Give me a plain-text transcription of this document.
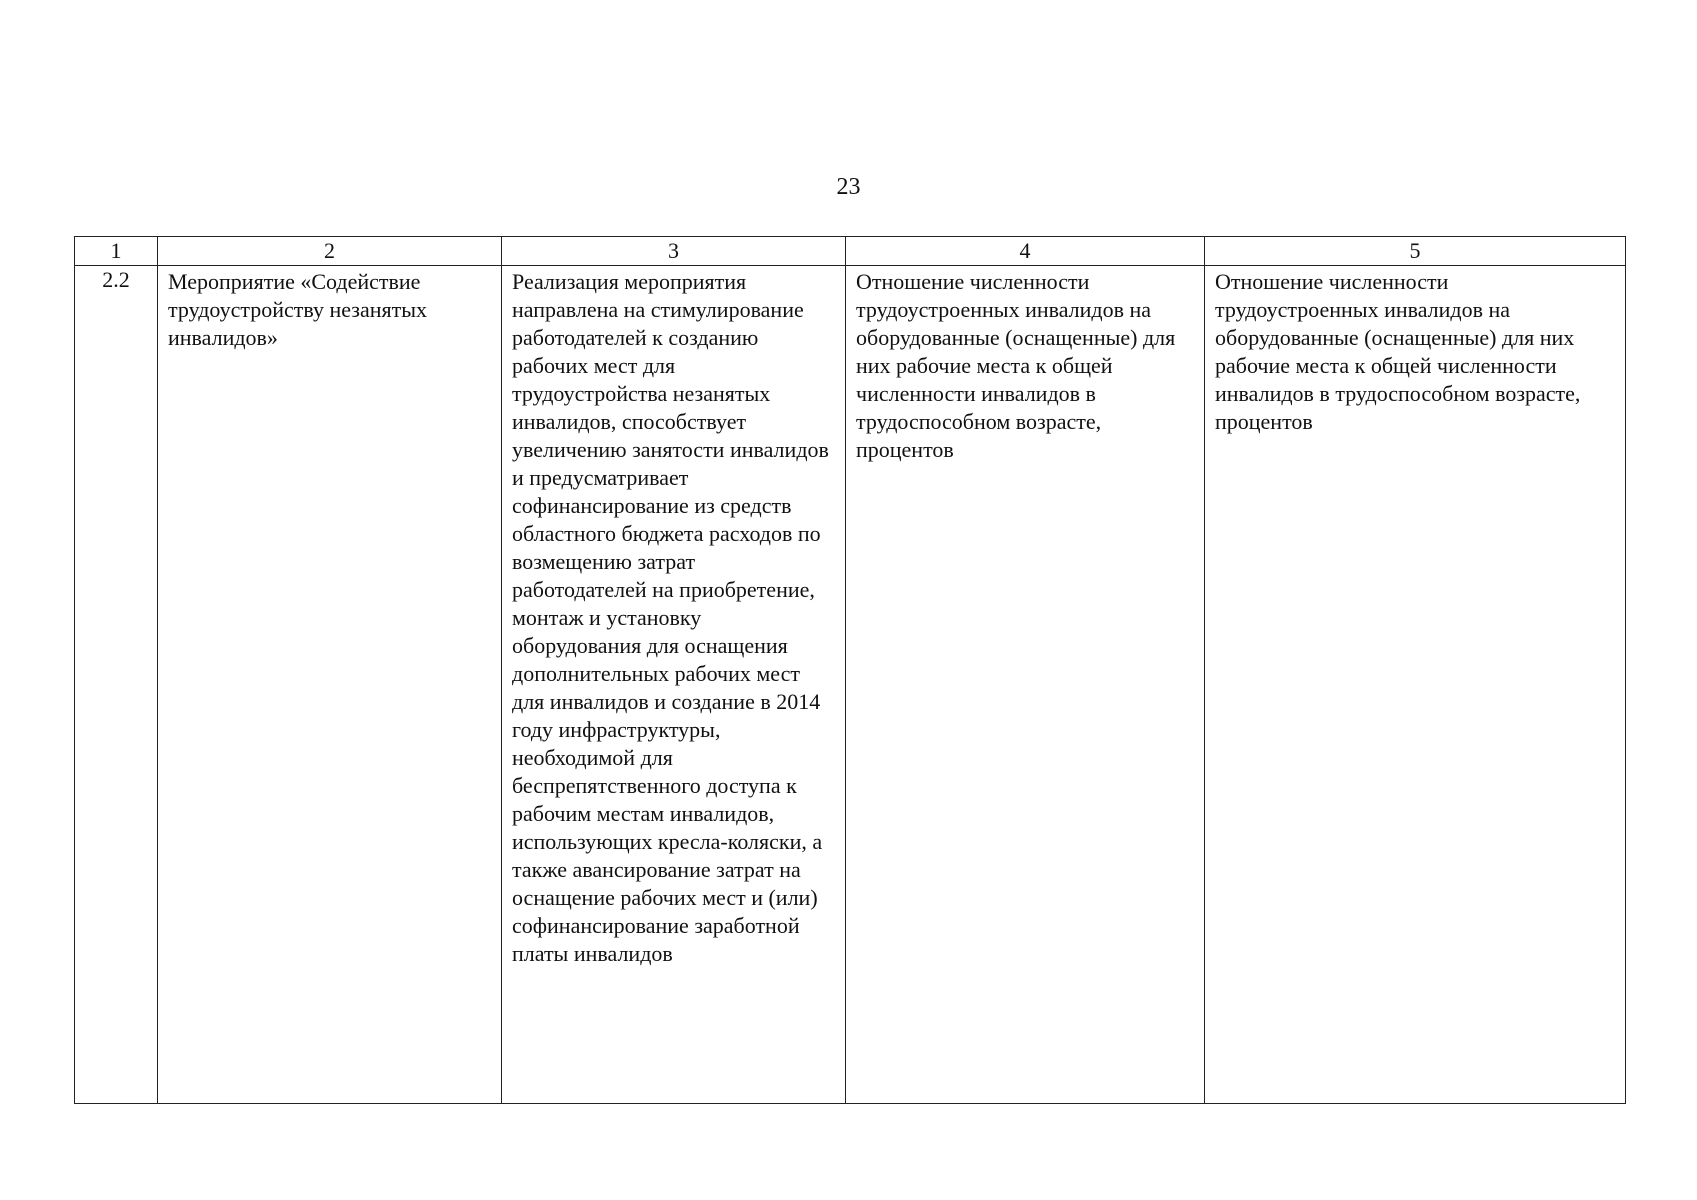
23
1	2	3	4	5
2.2	Мероприятие «Содействие трудоустройству незанятых инвалидов»	Реализация мероприятия направлена на стимулирование работодателей к созданию рабочих мест для трудоустройства незанятых инвалидов, способствует увеличению занятости инвалидов и предусматривает софинансирование из средств областного бюджета расходов по возмещению затрат работодателей на приобретение, монтаж и установку оборудования для оснащения дополнительных рабочих мест для инвалидов и создание в 2014 году инфраструктуры, необходимой для беспрепятственного доступа к рабочим местам инвалидов, использующих кресла-коляски, а также авансирование затрат на оснащение рабочих мест и (или) софинансирование заработной платы инвалидов	Отношение численности трудоустроенных инвалидов на оборудованные (оснащенные) для них рабочие места к общей численности инвалидов в трудоспособном возрасте, процентов	Отношение численности трудоустроенных инвалидов на оборудованные (оснащенные) для них рабочие места к общей численности инвалидов в трудоспособном возрасте, процентов
